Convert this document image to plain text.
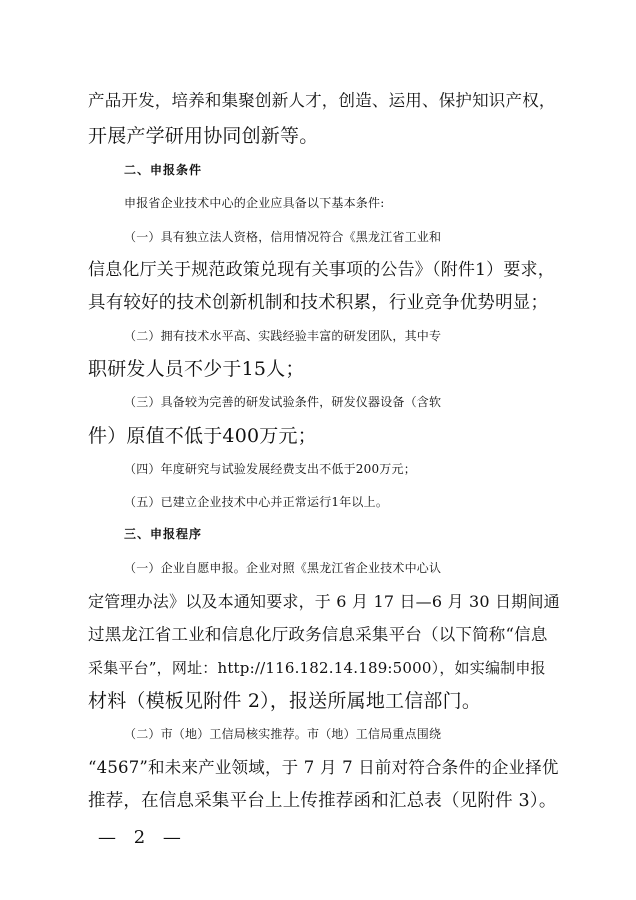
产品开发，培养和集聚创新人才，创造、运用、保护知识产权，
开展产学研用协同创新等。
二、申报条件
申报省企业技术中心的企业应具备以下基本条件:
（一）具有独立法人资格，信用情况符合《黑龙江省工业和
信息化厅关于规范政策兑现有关事项的公告》（附件1）要求，
具有较好的技术创新机制和技术积累，行业竞争优势明显；
（二）拥有技术水平高、实践经验丰富的研发团队，其中专
职研发人员不少于15人；
（三）具备较为完善的研发试验条件，研发仪器设备（含软
件）原值不低于400万元；
（四）年度研究与试验发展经费支出不低于200万元；
（五）已建立企业技术中心并正常运行1年以上。
三、申报程序
（一）企业自愿申报。企业对照《黑龙江省企业技术中心认
定管理办法》以及本通知要求，于 6 月 17 日—6 月 30 日期间通
过黑龙江省工业和信息化厅政务信息采集平台（以下简称“信息
采集平台”，网址：http://116.182.14.189:5000），如实编制申报
材料（模板见附件 2），报送所属地工信部门。
（二）市（地）工信局核实推荐。市（地）工信局重点围绕
“4567”和未来产业领域，于 7 月 7 日前对符合条件的企业择优
推荐，在信息采集平台上上传推荐函和汇总表（见附件 3）。
— 2 —
